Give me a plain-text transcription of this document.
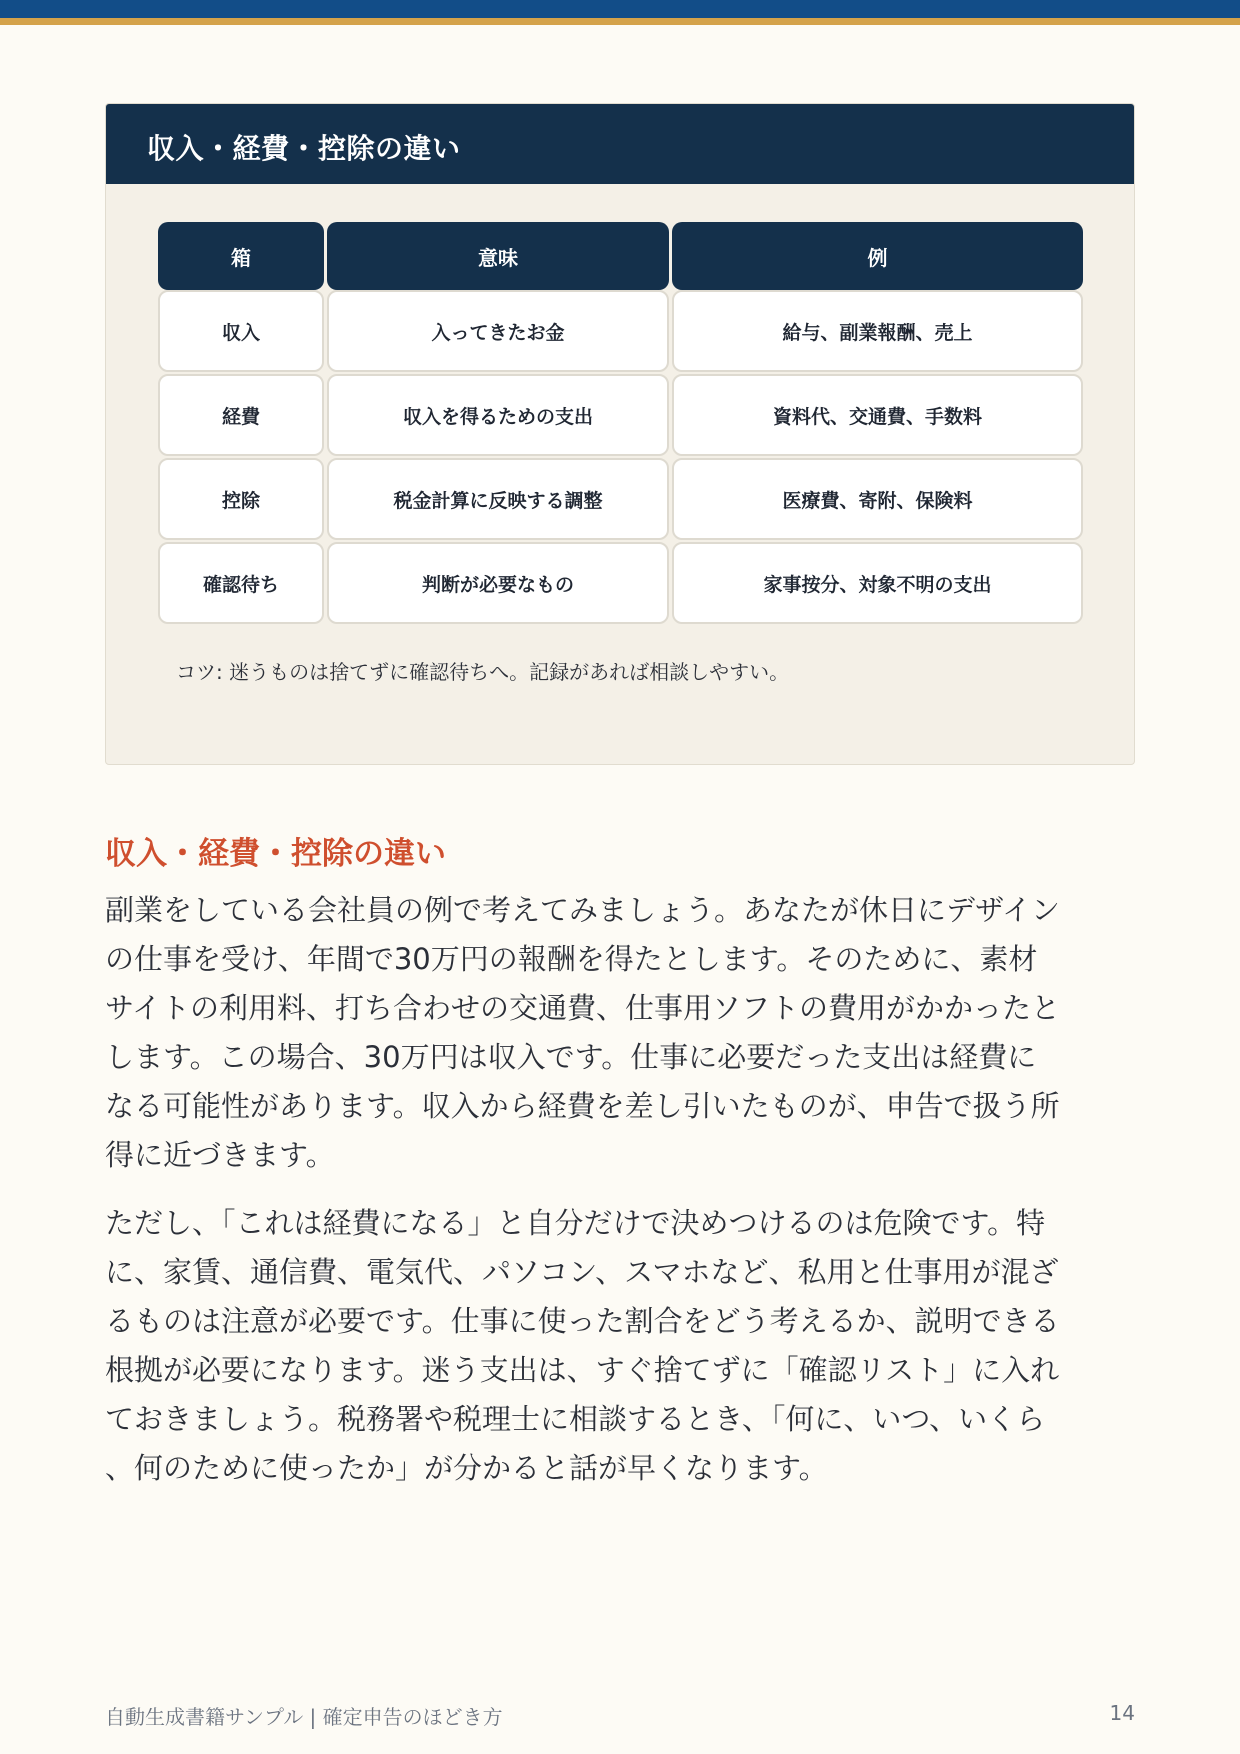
収入・経費・控除の違い
箱	意味	例
収入	入ってきたお金	給与、副業報酬、売上
経費	収入を得るための支出	資料代、交通費、手数料
控除	税金計算に反映する調整	医療費、寄附、保険料
確認待ち	判断が必要なもの	家事按分、対象不明の支出
コツ: 迷うものは捨てずに確認待ちへ。記録があれば相談しやすい。
収入・経費・控除の違い

副業をしている会社員の例で考えてみましょう。あなたが休日にデザイン
の仕事を受け、年間で30万円の報酬を得たとします。そのために、素材
サイトの利用料、打ち合わせの交通費、仕事用ソフトの費用がかかったと
します。この場合、30万円は収入です。仕事に必要だった支出は経費に
なる可能性があります。収入から経費を差し引いたものが、申告で扱う所
得に近づきます。

ただし、「これは経費になる」と自分だけで決めつけるのは危険です。特
に、家賃、通信費、電気代、パソコン、スマホなど、私用と仕事用が混ざ
るものは注意が必要です。仕事に使った割合をどう考えるか、説明できる
根拠が必要になります。迷う支出は、すぐ捨てずに「確認リスト」に入れ
ておきましょう。税務署や税理士に相談するとき、「何に、いつ、いくら
、何のために使ったか」が分かると話が早くなります。

自動生成書籍サンプル | 確定申告のほどき方	14
